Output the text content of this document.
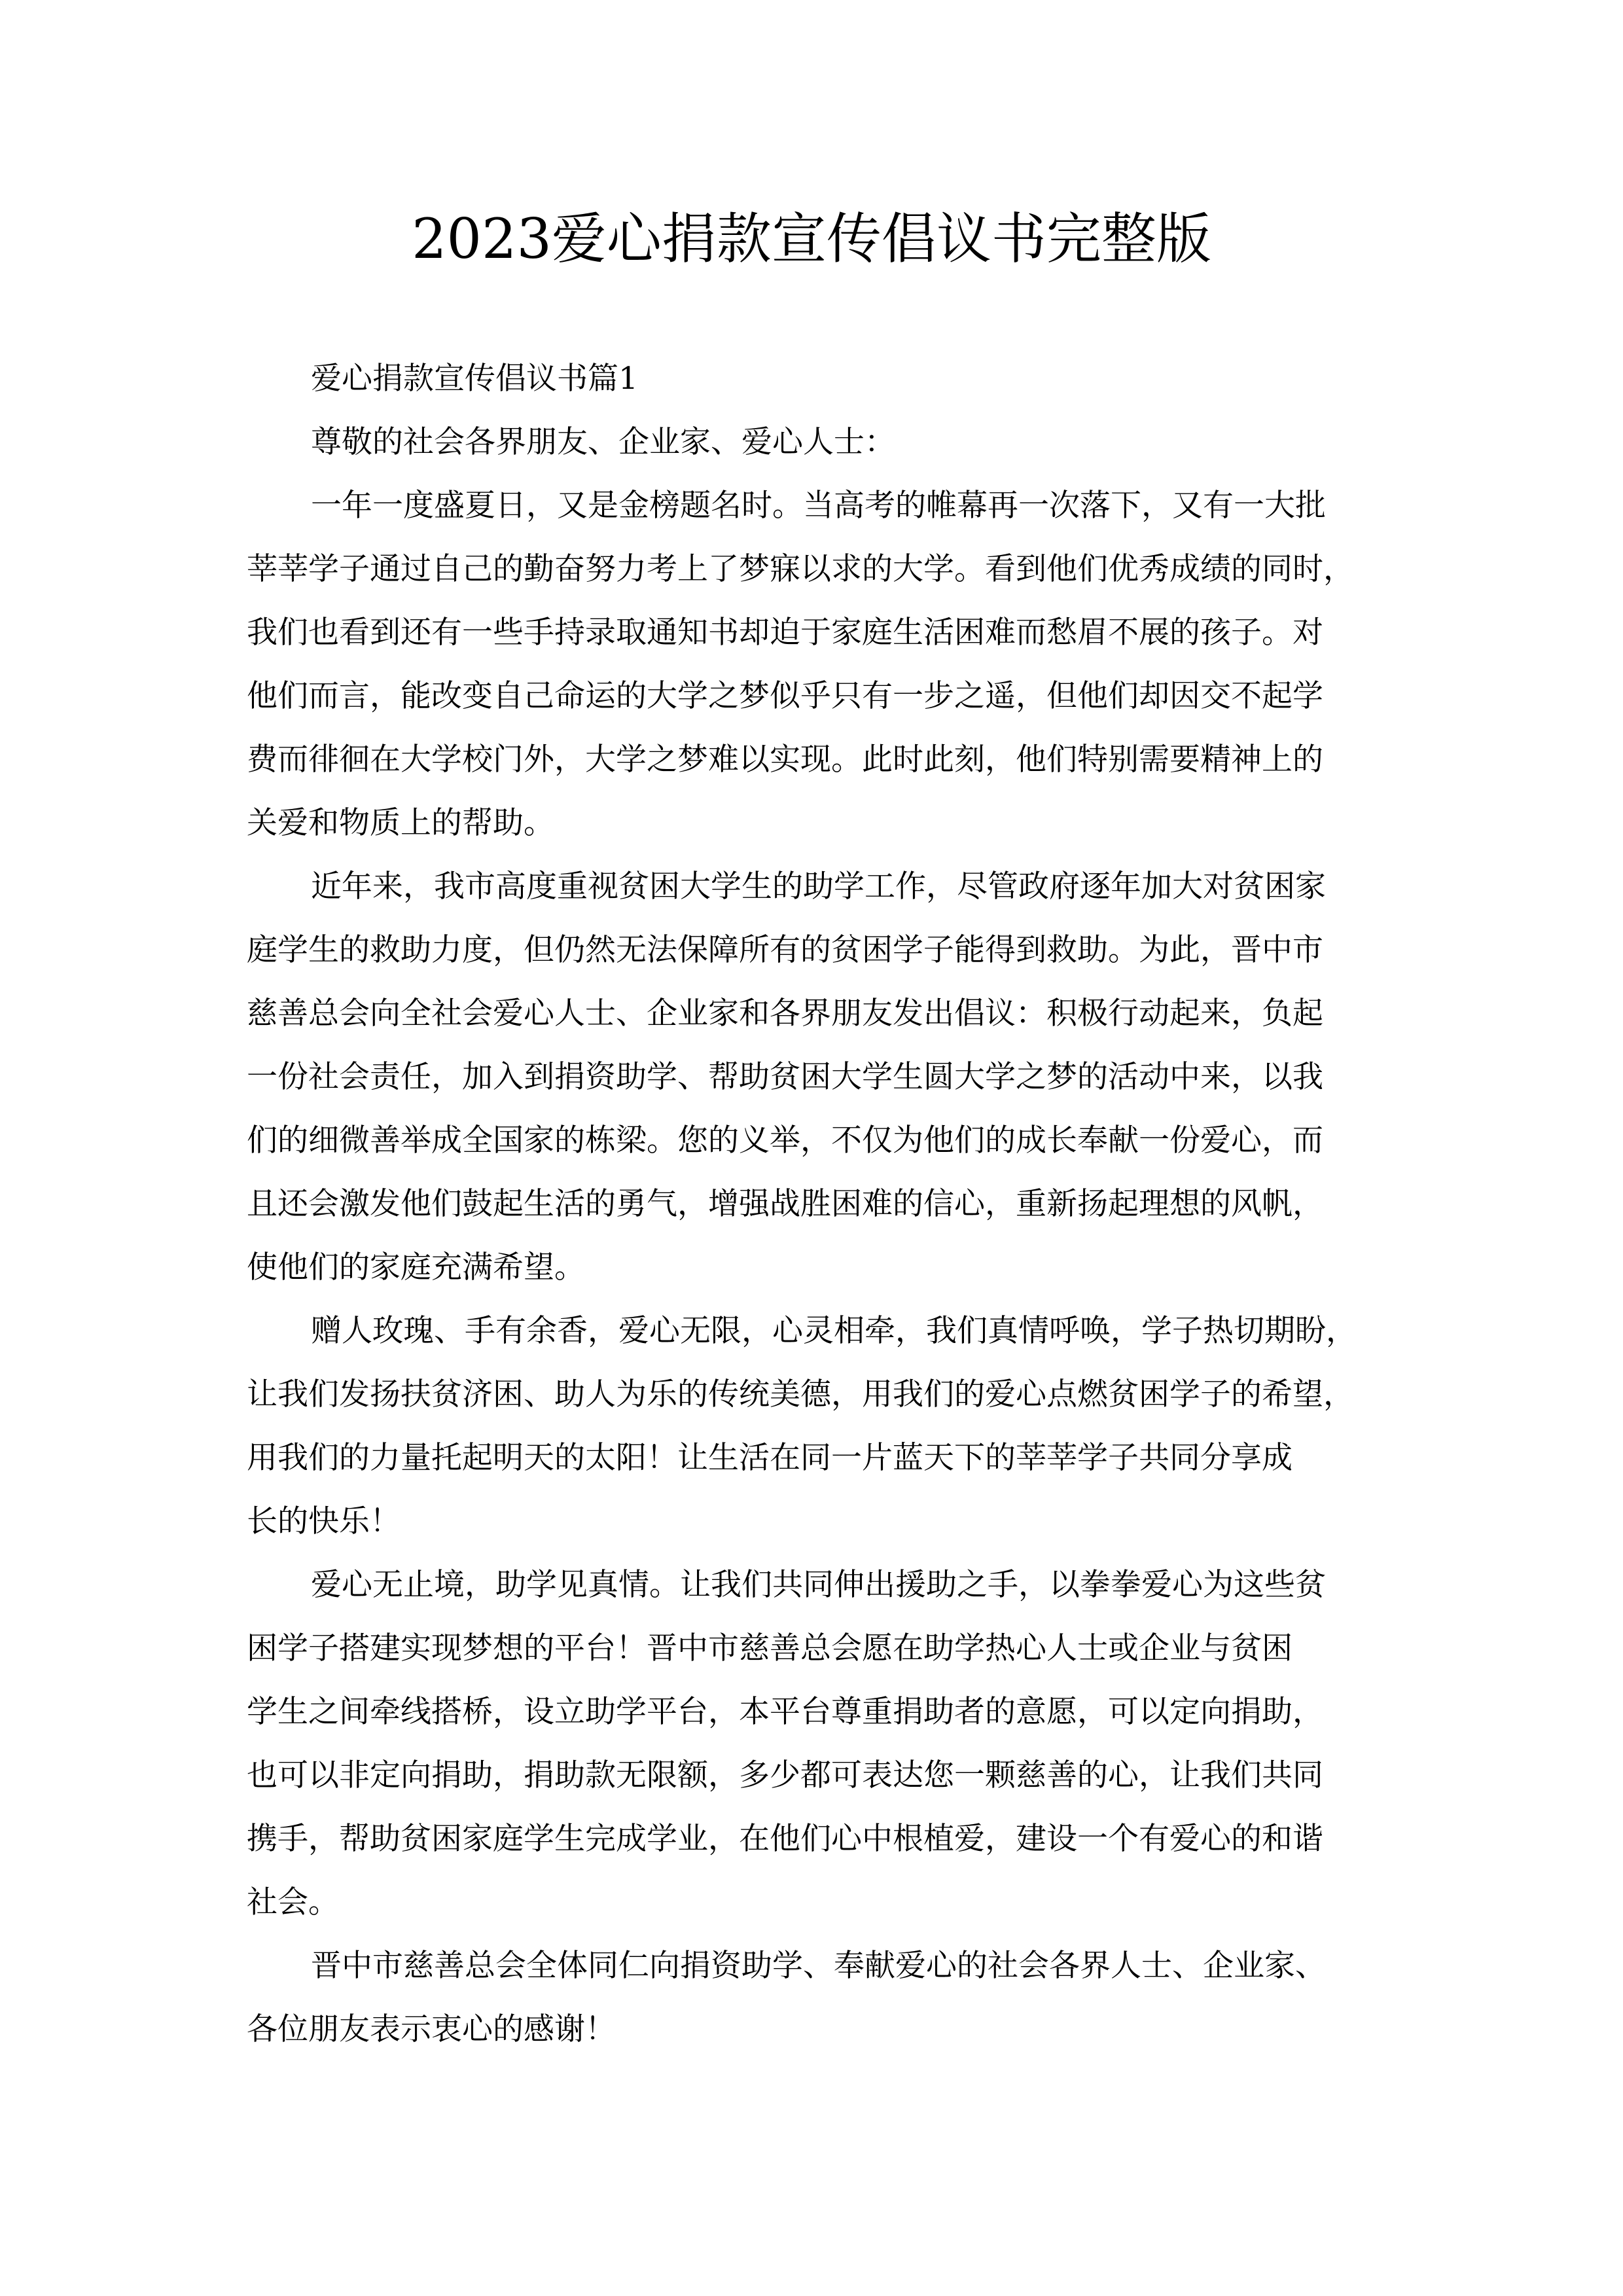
2023爱心捐款宣传倡议书完整版
爱心捐款宣传倡议书篇1
尊敬的社会各界朋友、企业家、爱心人士：
一年一度盛夏日，又是金榜题名时。当高考的帷幕再一次落下，又有一大批
莘莘学子通过自己的勤奋努力考上了梦寐以求的大学。看到他们优秀成绩的同时，
我们也看到还有一些手持录取通知书却迫于家庭生活困难而愁眉不展的孩子。对
他们而言，能改变自己命运的大学之梦似乎只有一步之遥，但他们却因交不起学
费而徘徊在大学校门外，大学之梦难以实现。此时此刻，他们特别需要精神上的
关爱和物质上的帮助。
近年来，我市高度重视贫困大学生的助学工作，尽管政府逐年加大对贫困家
庭学生的救助力度，但仍然无法保障所有的贫困学子能得到救助。为此，晋中市
慈善总会向全社会爱心人士、企业家和各界朋友发出倡议：积极行动起来，负起
一份社会责任，加入到捐资助学、帮助贫困大学生圆大学之梦的活动中来，以我
们的细微善举成全国家的栋梁。您的义举，不仅为他们的成长奉献一份爱心，而
且还会激发他们鼓起生活的勇气，增强战胜困难的信心，重新扬起理想的风帆，
使他们的家庭充满希望。
赠人玫瑰、手有余香，爱心无限，心灵相牵，我们真情呼唤，学子热切期盼，
让我们发扬扶贫济困、助人为乐的传统美德，用我们的爱心点燃贫困学子的希望，
用我们的力量托起明天的太阳！让生活在同一片蓝天下的莘莘学子共同分享成
长的快乐！
爱心无止境，助学见真情。让我们共同伸出援助之手，以拳拳爱心为这些贫
困学子搭建实现梦想的平台！晋中市慈善总会愿在助学热心人士或企业与贫困
学生之间牵线搭桥，设立助学平台，本平台尊重捐助者的意愿，可以定向捐助，
也可以非定向捐助，捐助款无限额，多少都可表达您一颗慈善的心，让我们共同
携手，帮助贫困家庭学生完成学业，在他们心中根植爱，建设一个有爱心的和谐
社会。
晋中市慈善总会全体同仁向捐资助学、奉献爱心的社会各界人士、企业家、
各位朋友表示衷心的感谢！
